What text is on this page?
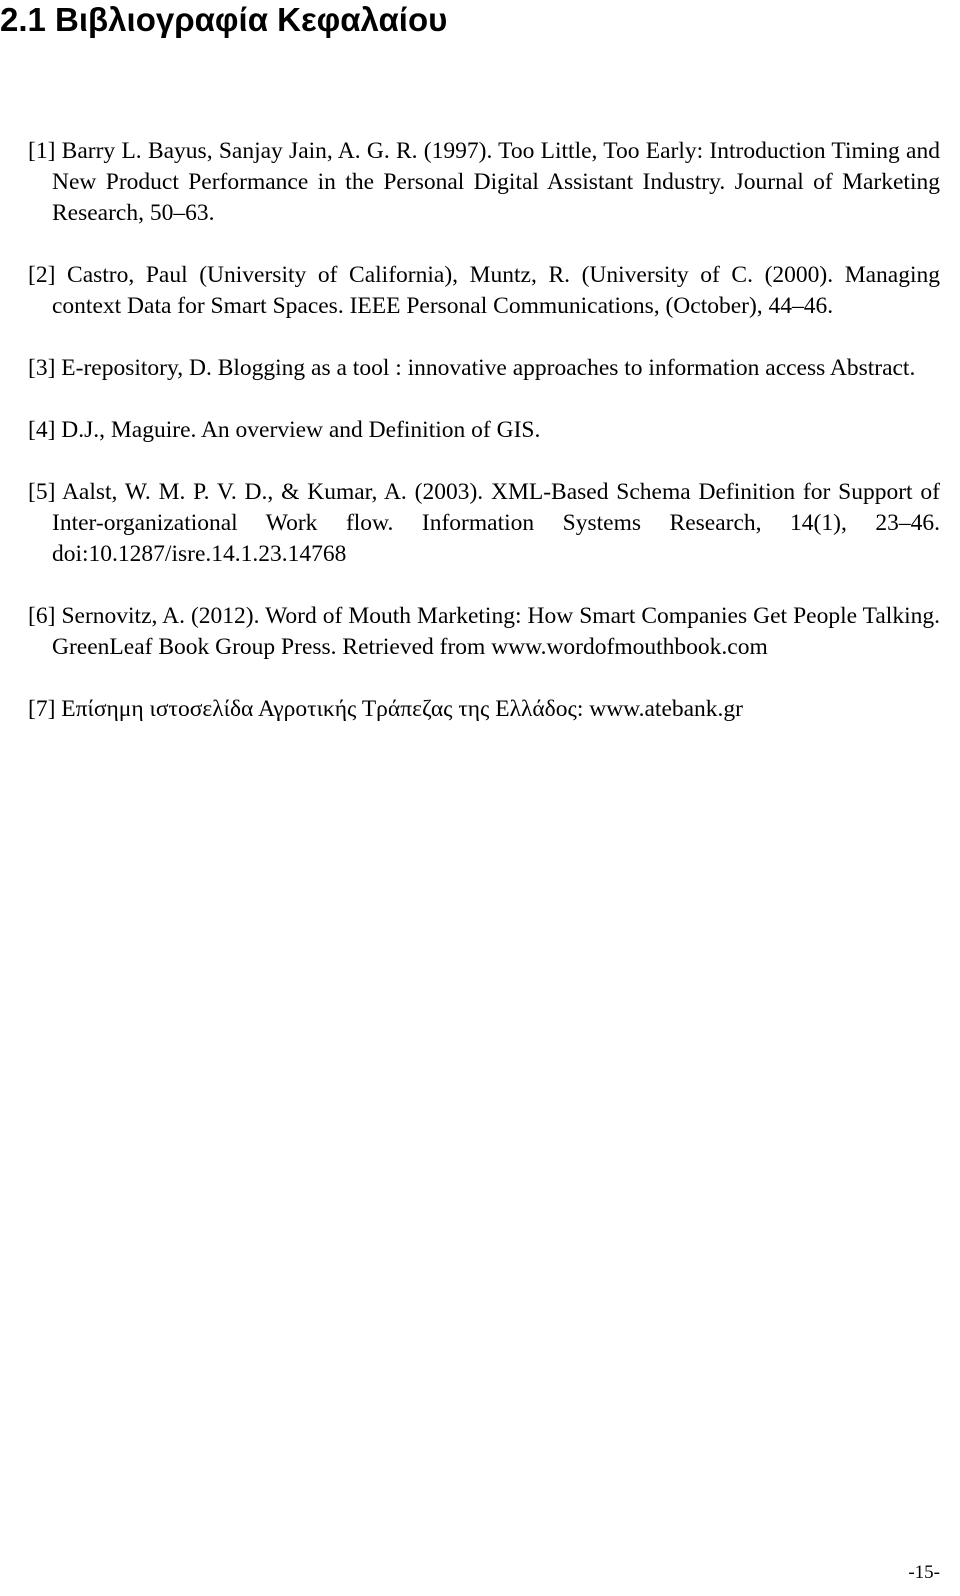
2.1 Βιβλιογραφία Κεφαλαίου
[1] Barry L. Bayus, Sanjay Jain, A. G. R. (1997). Too Little, Too Early: Introduction Timing and New Product Performance in the Personal Digital Assistant Industry. Journal of Marketing Research, 50–63.
[2] Castro, Paul (University of California), Muntz, R. (University of C. (2000). Managing context Data for Smart Spaces. IEEE Personal Communications, (October), 44–46.
[3] E-repository, D. Blogging as a tool : innovative approaches to information access Abstract.
[4] D.J., Maguire. An overview and Definition of GIS.
[5] Aalst, W. M. P. V. D., & Kumar, A. (2003). XML-Based Schema Definition for Support of Inter-organizational Work flow. Information Systems Research, 14(1), 23–46. doi:10.1287/isre.14.1.23.14768
[6] Sernovitz, A. (2012). Word of Mouth Marketing: How Smart Companies Get People Talking. GreenLeaf Book Group Press. Retrieved from www.wordofmouthbook.com
[7] Επίσημη ιστοσελίδα Αγροτικής Τράπεζας της Ελλάδος: www.atebank.gr
-15-
